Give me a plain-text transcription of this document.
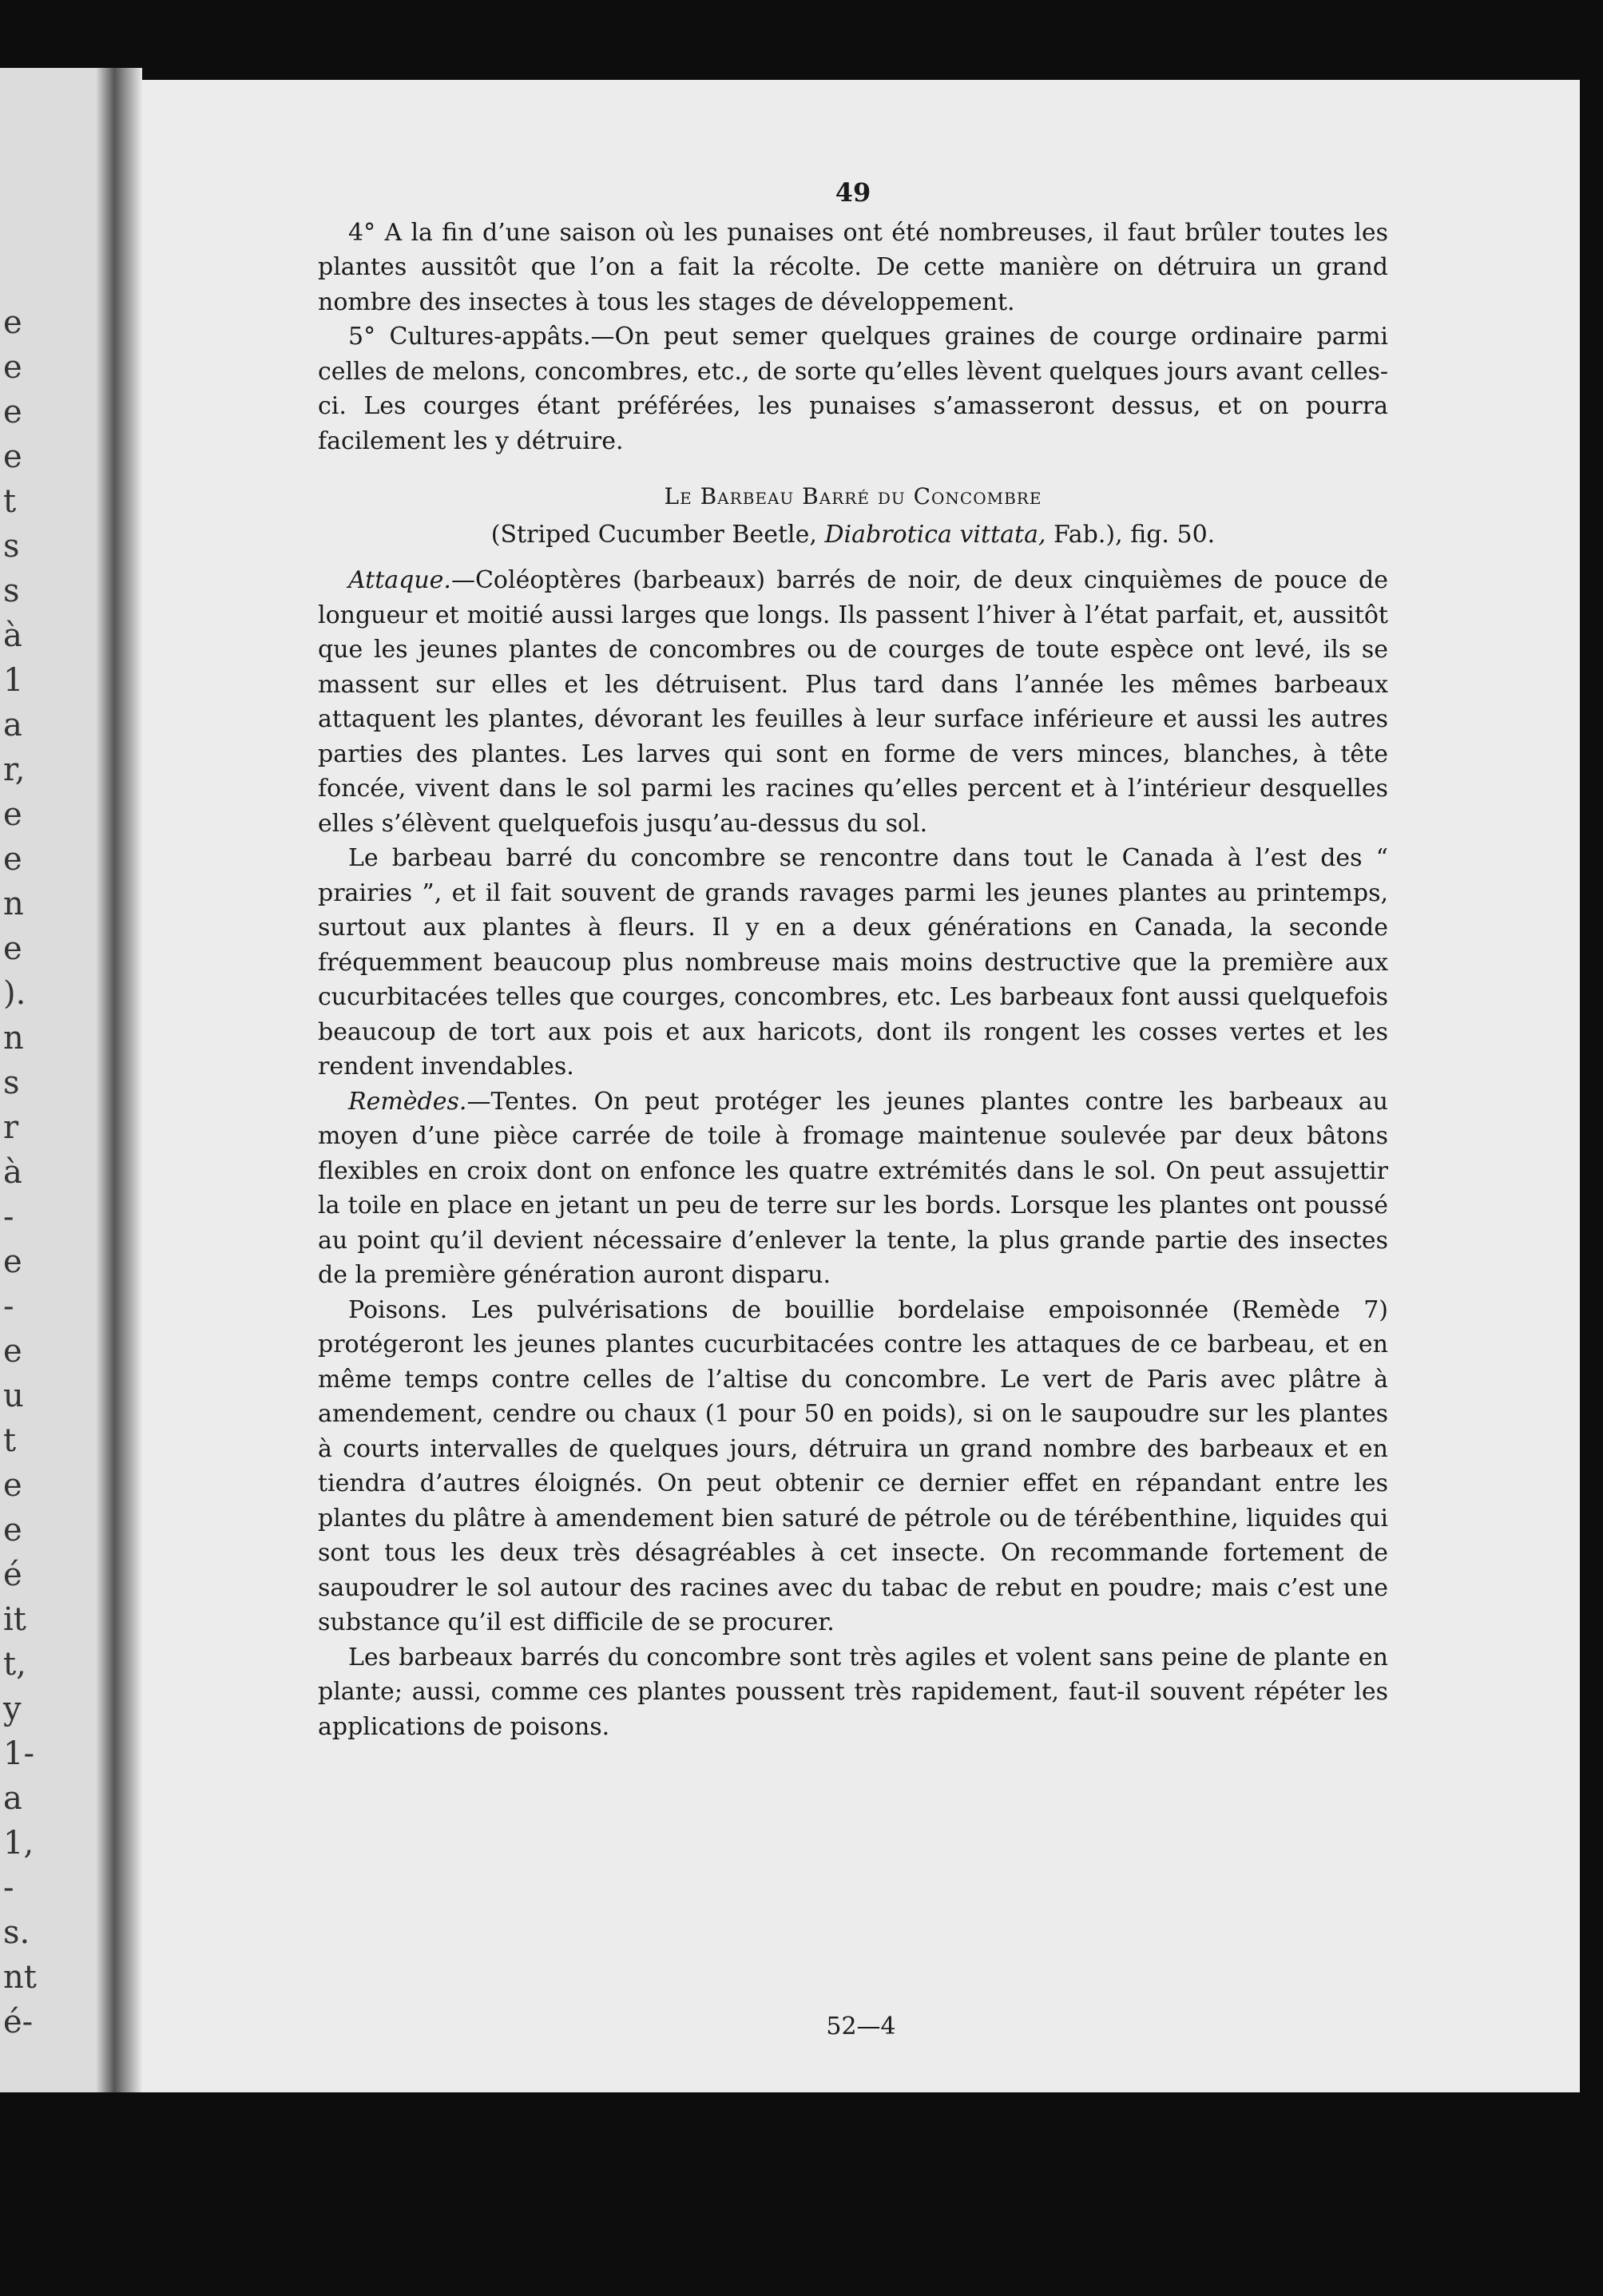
e
e
e
e
t
s
s
à
1
a
r,
e
e
n
e
).
n
s
r
à
-
e
-
e
u
t
e
e
é
it
t,
y
1-
a
1,
-
s.
nt
é-
49

4° A la fin d’une saison où les punaises ont été nombreuses, il faut brûler toutes les plantes aussitôt que l’on a fait la récolte. De cette manière on détruira un grand nombre des insectes à tous les stages de développement.

5° Cultures-appâts.—On peut semer quelques graines de courge ordinaire parmi celles de melons, concombres, etc., de sorte qu’elles lèvent quelques jours avant celles-ci. Les courges étant préférées, les punaises s’amasseront dessus, et on pourra facilement les y détruire.

Le Barbeau Barré du Concombre
(Striped Cucumber Beetle, Diabrotica vittata, Fab.), fig. 50.

Attaque.—Coléoptères (barbeaux) barrés de noir, de deux cinquièmes de pouce de longueur et moitié aussi larges que longs. Ils passent l’hiver à l’état parfait, et, aussitôt que les jeunes plantes de concombres ou de courges de toute espèce ont levé, ils se massent sur elles et les détruisent. Plus tard dans l’année les mêmes barbeaux attaquent les plantes, dévorant les feuilles à leur surface inférieure et aussi les autres parties des plantes. Les larves qui sont en forme de vers minces, blanches, à tête foncée, vivent dans le sol parmi les racines qu’elles percent et à l’intérieur desquelles elles s’élèvent quelquefois jusqu’au-dessus du sol.

Le barbeau barré du concombre se rencontre dans tout le Canada à l’est des “ prairies ”, et il fait souvent de grands ravages parmi les jeunes plantes au printemps, surtout aux plantes à fleurs. Il y en a deux générations en Canada, la seconde fréquemment beaucoup plus nombreuse mais moins destructive que la première aux cucurbitacées telles que courges, concombres, etc. Les barbeaux font aussi quelquefois beaucoup de tort aux pois et aux haricots, dont ils rongent les cosses vertes et les rendent invendables.

Remèdes.—Tentes. On peut protéger les jeunes plantes contre les barbeaux au moyen d’une pièce carrée de toile à fromage maintenue soulevée par deux bâtons flexibles en croix dont on enfonce les quatre extrémités dans le sol. On peut assujettir la toile en place en jetant un peu de terre sur les bords. Lorsque les plantes ont poussé au point qu’il devient nécessaire d’enlever la tente, la plus grande partie des insectes de la première génération auront disparu.

Poisons. Les pulvérisations de bouillie bordelaise empoisonnée (Remède 7) protégeront les jeunes plantes cucurbitacées contre les attaques de ce barbeau, et en même temps contre celles de l’altise du concombre. Le vert de Paris avec plâtre à amendement, cendre ou chaux (1 pour 50 en poids), si on le saupoudre sur les plantes à courts intervalles de quelques jours, détruira un grand nombre des barbeaux et en tiendra d’autres éloignés. On peut obtenir ce dernier effet en répandant entre les plantes du plâtre à amendement bien saturé de pétrole ou de térébenthine, liquides qui sont tous les deux très désagréables à cet insecte. On recommande fortement de saupoudrer le sol autour des racines avec du tabac de rebut en poudre; mais c’est une substance qu’il est difficile de se procurer.

Les barbeaux barrés du concombre sont très agiles et volent sans peine de plante en plante; aussi, comme ces plantes poussent très rapidement, faut-il souvent répéter les applications de poisons.

52—4
